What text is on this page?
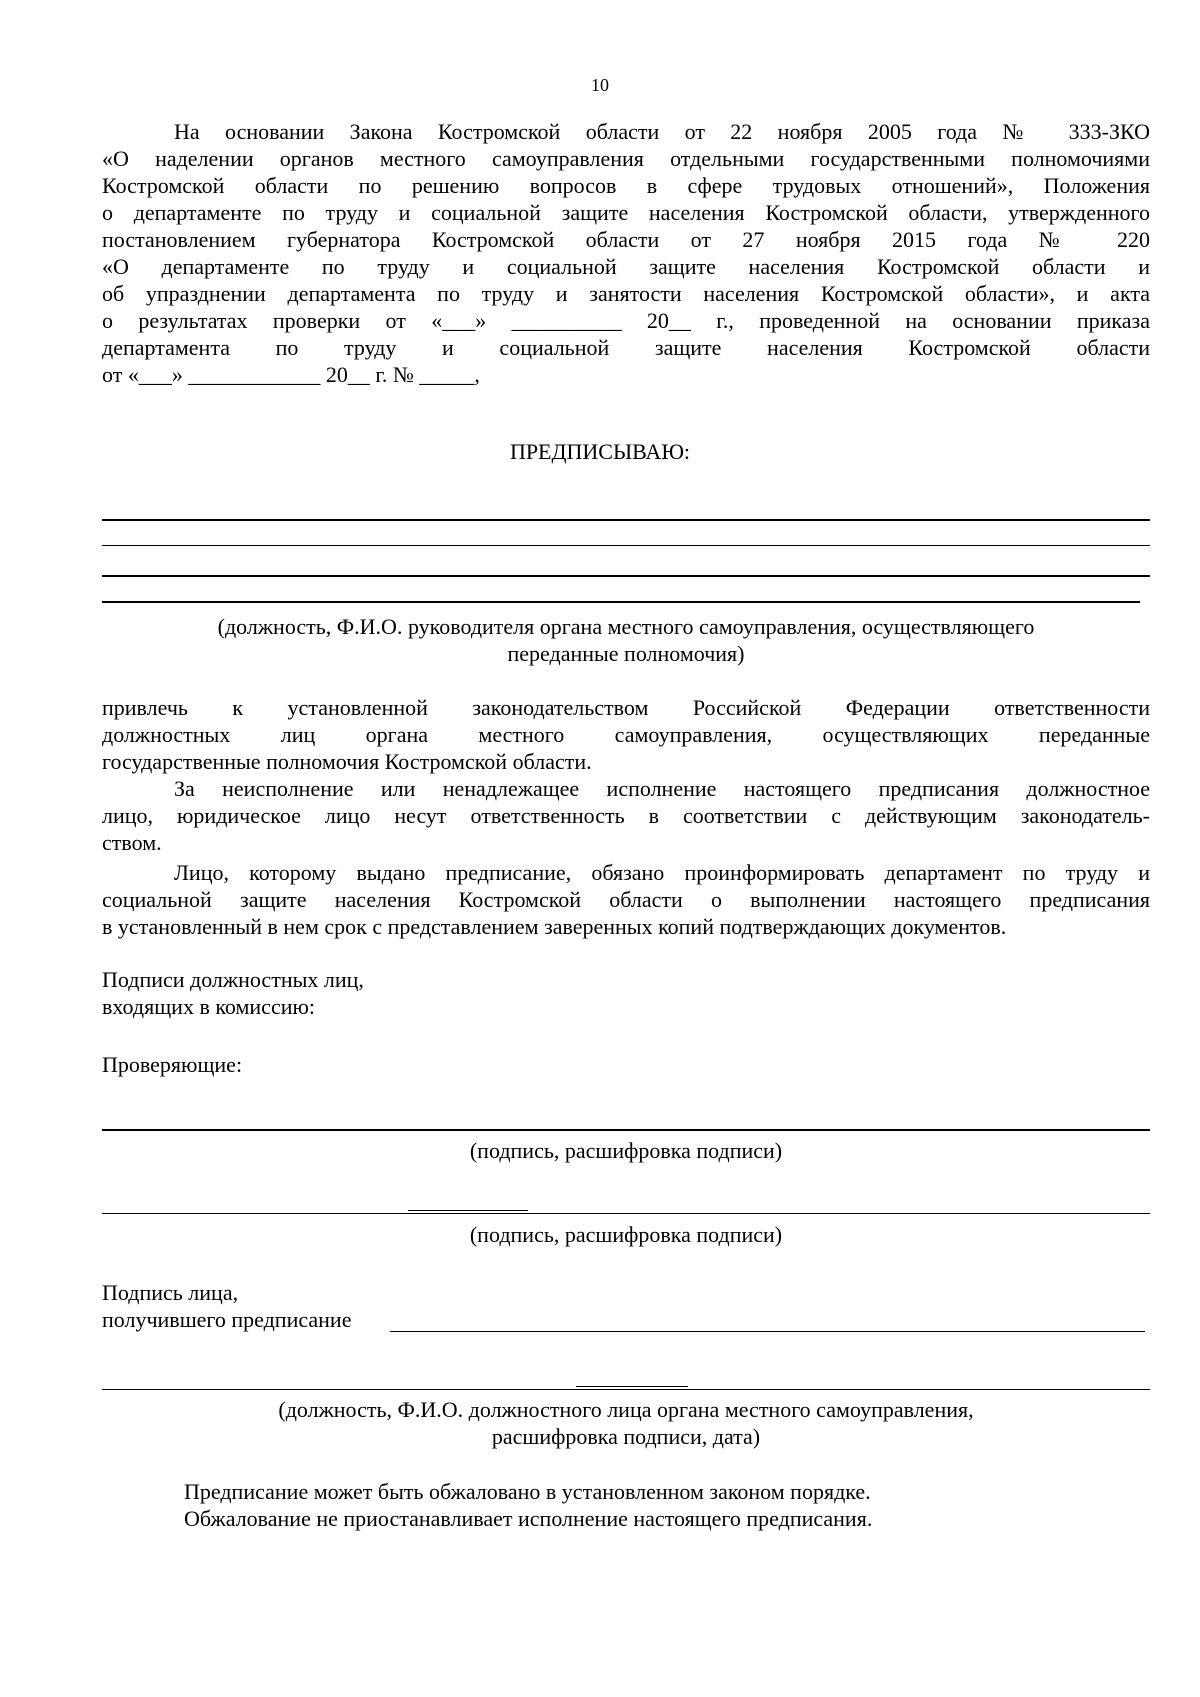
10
На основании Закона Костромской области от 22 ноября 2005 года № 333-ЗКО
«О наделении органов местного самоуправления отдельными государственными полномочиями
Костромской области по решению вопросов в сфере трудовых отношений», Положения
о департаменте по труду и социальной защите населения Костромской области, утвержденного
постановлением губернатора Костромской области от 27 ноября 2015 года № 220
«О департаменте по труду и социальной защите населения Костромской области и
об упразднении департамента по труду и занятости населения Костромской области», и акта
о результатах проверки от «___» __________ 20__ г., проведенной на основании приказа
департамента по труду и социальной защите населения Костромской области
от «___» ____________ 20__ г. № _____,
ПРЕДПИСЫВАЮ:
(должность, Ф.И.О. руководителя органа местного самоуправления, осуществляющего
переданные полномочия)
привлечь к установленной законодательством Российской Федерации ответственности
должностных лиц органа местного самоуправления, осуществляющих переданные
государственные полномочия Костромской области.
За неисполнение или ненадлежащее исполнение настоящего предписания должностное
лицо, юридическое лицо несут ответственность в соответствии с действующим законодатель-
ством.
Лицо, которому выдано предписание, обязано проинформировать департамент по труду и
социальной защите населения Костромской области о выполнении настоящего предписания
в установленный в нем срок с представлением заверенных копий подтверждающих документов.
Подписи должностных лиц,
входящих в комиссию:
Проверяющие:
(подпись, расшифровка подписи)
(подпись, расшифровка подписи)
Подпись лица,
получившего предписание
(должность, Ф.И.О. должностного лица органа местного самоуправления,
расшифровка подписи, дата)
Предписание может быть обжаловано в установленном законом порядке.
Обжалование не приостанавливает исполнение настоящего предписания.
